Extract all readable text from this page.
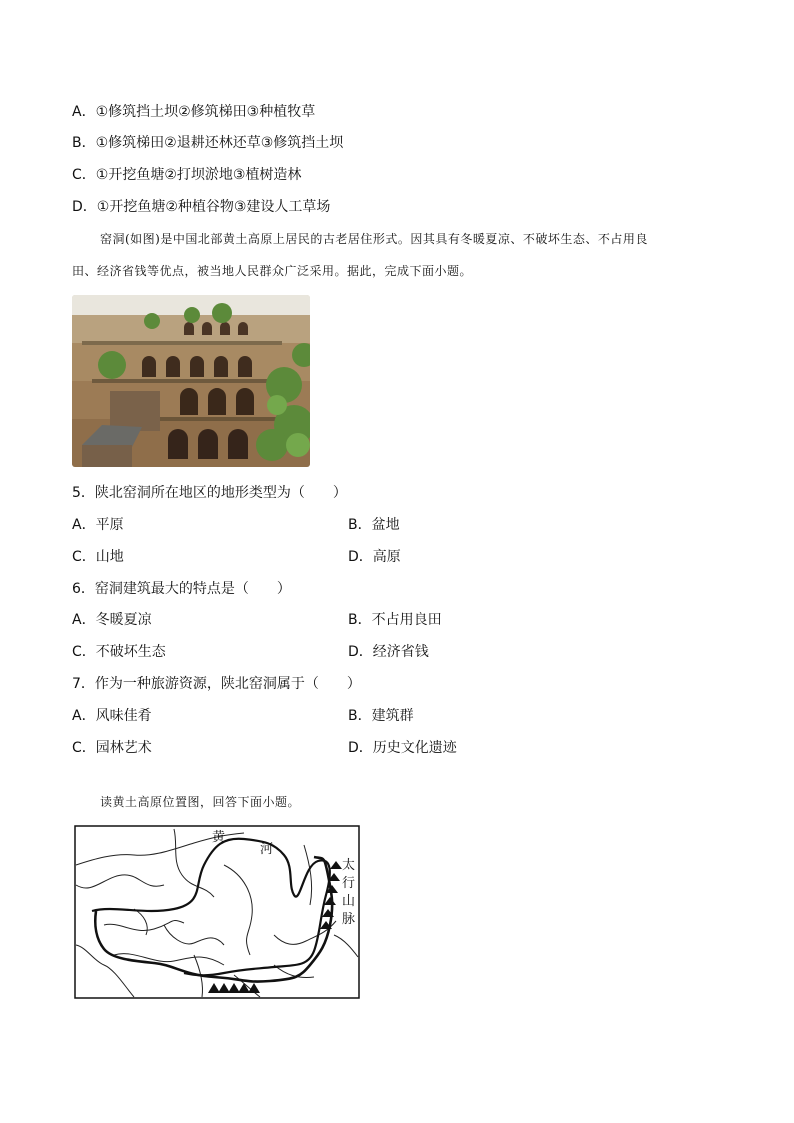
A．①修筑挡土坝②修筑梯田③种植牧草
B．①修筑梯田②退耕还林还草③修筑挡土坝
C．①开挖鱼塘②打坝淤地③植树造林
D．①开挖鱼塘②种植谷物③建设人工草场
窑洞(如图)是中国北部黄土高原上居民的古老居住形式。因其具有冬暖夏凉、不破坏生态、不占用良
田、经济省钱等优点，被当地人民群众广泛采用。据此，完成下面小题。
5．陕北窑洞所在地区的地形类型为（　　）
A．平原	B．盆地
C．山地	D．高原
6．窑洞建筑最大的特点是（　　）
A．冬暖夏凉	B．不占用良田
C．不破坏生态	D．经济省钱
7．作为一种旅游资源，陕北窑洞属于（　　）
A．风味佳肴	B．建筑群
C．园林艺术	D．历史文化遗迹
读黄土高原位置图，回答下面小题。
黄
河
太
行
山
脉
